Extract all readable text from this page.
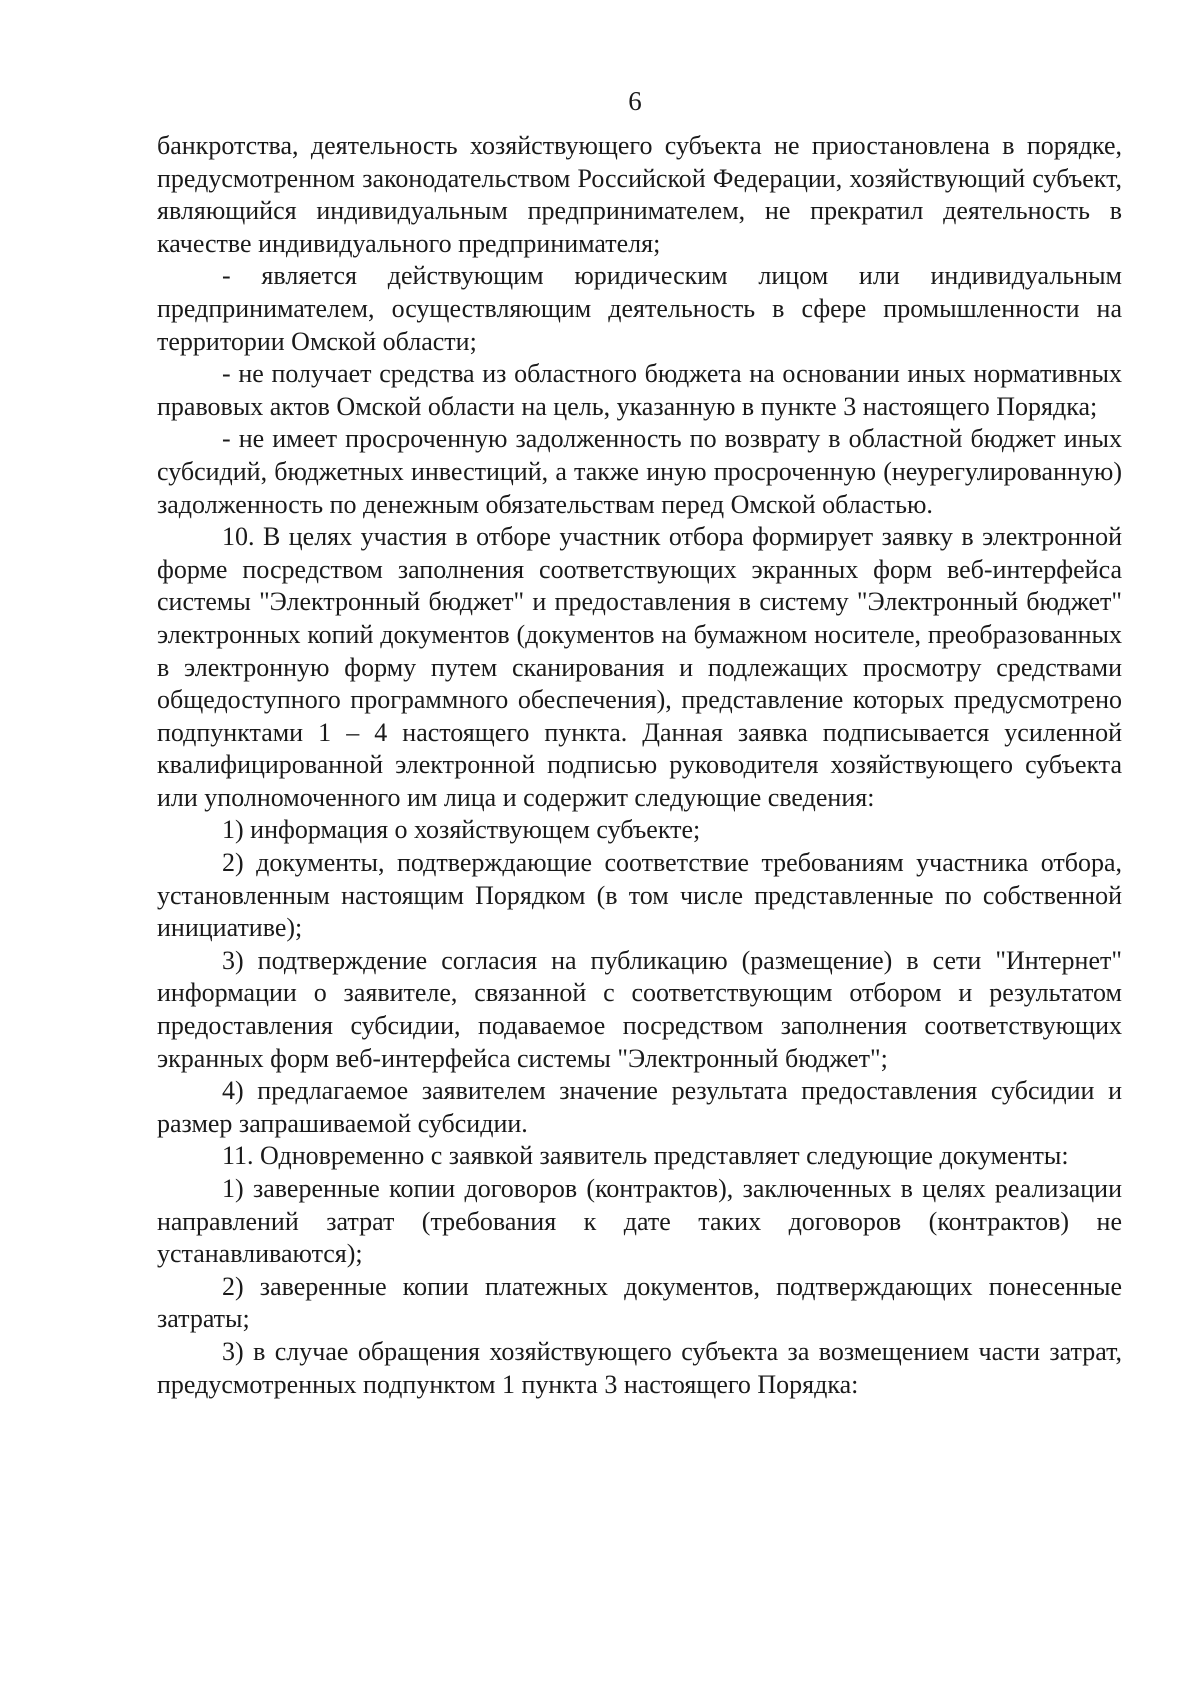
6

банкротства, деятельность хозяйствующего субъекта не приостановлена в порядке, предусмотренном законодательством Российской Федерации, хозяйствующий субъект, являющийся индивидуальным предпринимателем, не прекратил деятельность в качестве индивидуального предпринимателя;

- является действующим юридическим лицом или индивидуальным предпринимателем, осуществляющим деятельность в сфере промышленности на территории Омской области;

- не получает средства из областного бюджета на основании иных нормативных правовых актов Омской области на цель, указанную в пункте 3 настоящего Порядка;

- не имеет просроченную задолженность по возврату в областной бюджет иных субсидий, бюджетных инвестиций, а также иную просроченную (неурегулированную) задолженность по денежным обязательствам перед Омской областью.

10. В целях участия в отборе участник отбора формирует заявку в электронной форме посредством заполнения соответствующих экранных форм веб-интерфейса системы "Электронный бюджет" и предоставления в систему "Электронный бюджет" электронных копий документов (документов на бумажном носителе, преобразованных в электронную форму путем сканирования и подлежащих просмотру средствами общедоступного программного обеспечения), представление которых предусмотрено подпунктами 1 – 4 настоящего пункта. Данная заявка подписывается усиленной квалифицированной электронной подписью руководителя хозяйствующего субъекта или уполномоченного им лица и содержит следующие сведения:

1) информация о хозяйствующем субъекте;

2) документы, подтверждающие соответствие требованиям участника отбора, установленным настоящим Порядком (в том числе представленные по собственной инициативе);

3) подтверждение согласия на публикацию (размещение) в сети "Интернет" информации о заявителе, связанной с соответствующим отбором и результатом предоставления субсидии, подаваемое посредством заполнения соответствующих экранных форм веб-интерфейса системы "Электронный бюджет";

4) предлагаемое заявителем значение результата предоставления субсидии и размер запрашиваемой субсидии.

11. Одновременно с заявкой заявитель представляет следующие документы:

1) заверенные копии договоров (контрактов), заключенных в целях реализации направлений затрат (требования к дате таких договоров (контрактов) не устанавливаются);

2) заверенные копии платежных документов, подтверждающих понесенные затраты;

3) в случае обращения хозяйствующего субъекта за возмещением части затрат, предусмотренных подпунктом 1 пункта 3 настоящего Порядка:
